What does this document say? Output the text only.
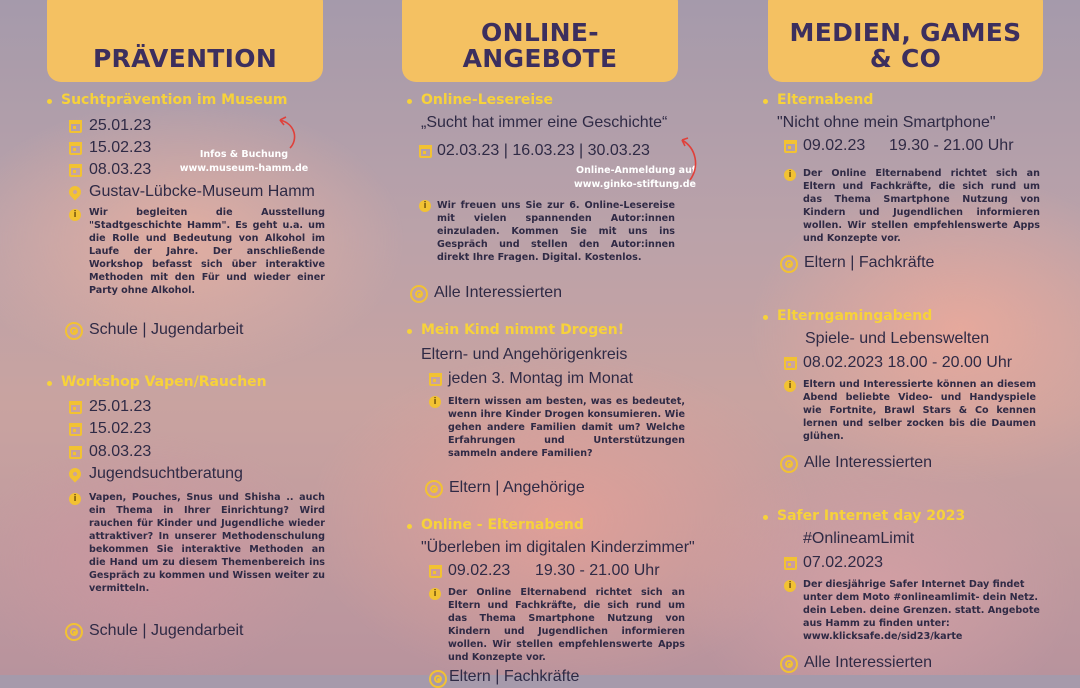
PRÄVENTION
Suchtprävention im Museum
25.01.23
15.02.23
08.03.23
Gustav-Lübcke-Museum Hamm
Infos & Buchung
www.museum-hamm.de
i	Wir begleiten die Ausstellung "Stadtgeschichte Hamm". Es geht u.a. um die Rolle und Bedeutung von Alkohol im Laufe der Jahre. Der anschließende Workshop befasst sich über interaktive Methoden mit den Für und wieder einer Party ohne Alkohol.
Schule | Jugendarbeit
Workshop Vapen/Rauchen
25.01.23
15.02.23
08.03.23
Jugendsuchtberatung
i	Vapen, Pouches, Snus und Shisha .. auch ein Thema in Ihrer Einrichtung? Wird rauchen für Kinder und Jugendliche wieder attraktiver? In unserer Methodenschulung bekommen Sie interaktive Methoden an die Hand um zu diesem Themenbereich ins Gespräch zu kommen und Wissen weiter zu vermitteln.
Schule | Jugendarbeit
ONLINE-
ANGEBOTE
Online-Lesereise
„Sucht hat immer eine Geschichte“
02.03.23 | 16.03.23 | 30.03.23
Online-Anmeldung auf
www.ginko-stiftung.de
i	Wir freuen uns Sie zur 6. Online-Lesereise mit vielen spannenden Autor:innen einzuladen. Kommen Sie mit uns ins Gespräch und stellen den Autor:innen direkt Ihre Fragen. Digital. Kostenlos.
Alle Interessierten
Mein Kind nimmt Drogen!
Eltern- und Angehörigenkreis
jeden 3. Montag im Monat
i	Eltern wissen am besten, was es bedeutet, wenn ihre Kinder Drogen konsumieren. Wie gehen andere Familien damit um? Welche Erfahrungen und Unterstützungen sammeln andere Familien?
Eltern | Angehörige
Online - Elternabend
"Überleben im digitalen Kinderzimmer"
09.02.23 19.30 - 21.00 Uhr
i	Der Online Elternabend richtet sich an Eltern und Fachkräfte, die sich rund um das Thema Smartphone Nutzung von Kindern und Jugendlichen informieren wollen. Wir stellen empfehlenswerte Apps und Konzepte vor.
Eltern | Fachkräfte
MEDIEN, GAMES
& CO
Elternabend
"Nicht ohne mein Smartphone"
09.02.23 19.30 - 21.00 Uhr
i	Der Online Elternabend richtet sich an Eltern und Fachkräfte, die sich rund um das Thema Smartphone Nutzung von Kindern und Jugendlichen informieren wollen. Wir stellen empfehlenswerte Apps und Konzepte vor.
Eltern | Fachkräfte
Elterngamingabend
Spiele- und Lebenswelten
08.02.2023 18.00 - 20.00 Uhr
i	Eltern und Interessierte können an diesem Abend beliebte Video- und Handyspiele wie Fortnite, Brawl Stars & Co kennen lernen und selber zocken bis die Daumen glühen.
Alle Interessierten
Safer Internet day 2023
#OnlineamLimit
07.02.2023
i	Der diesjährige Safer Internet Day findet unter dem Moto #onlineamlimit- dein Netz. dein Leben. deine Grenzen. statt. Angebote aus Hamm zu finden unter: www.klicksafe.de/sid23/karte
Alle Interessierten
